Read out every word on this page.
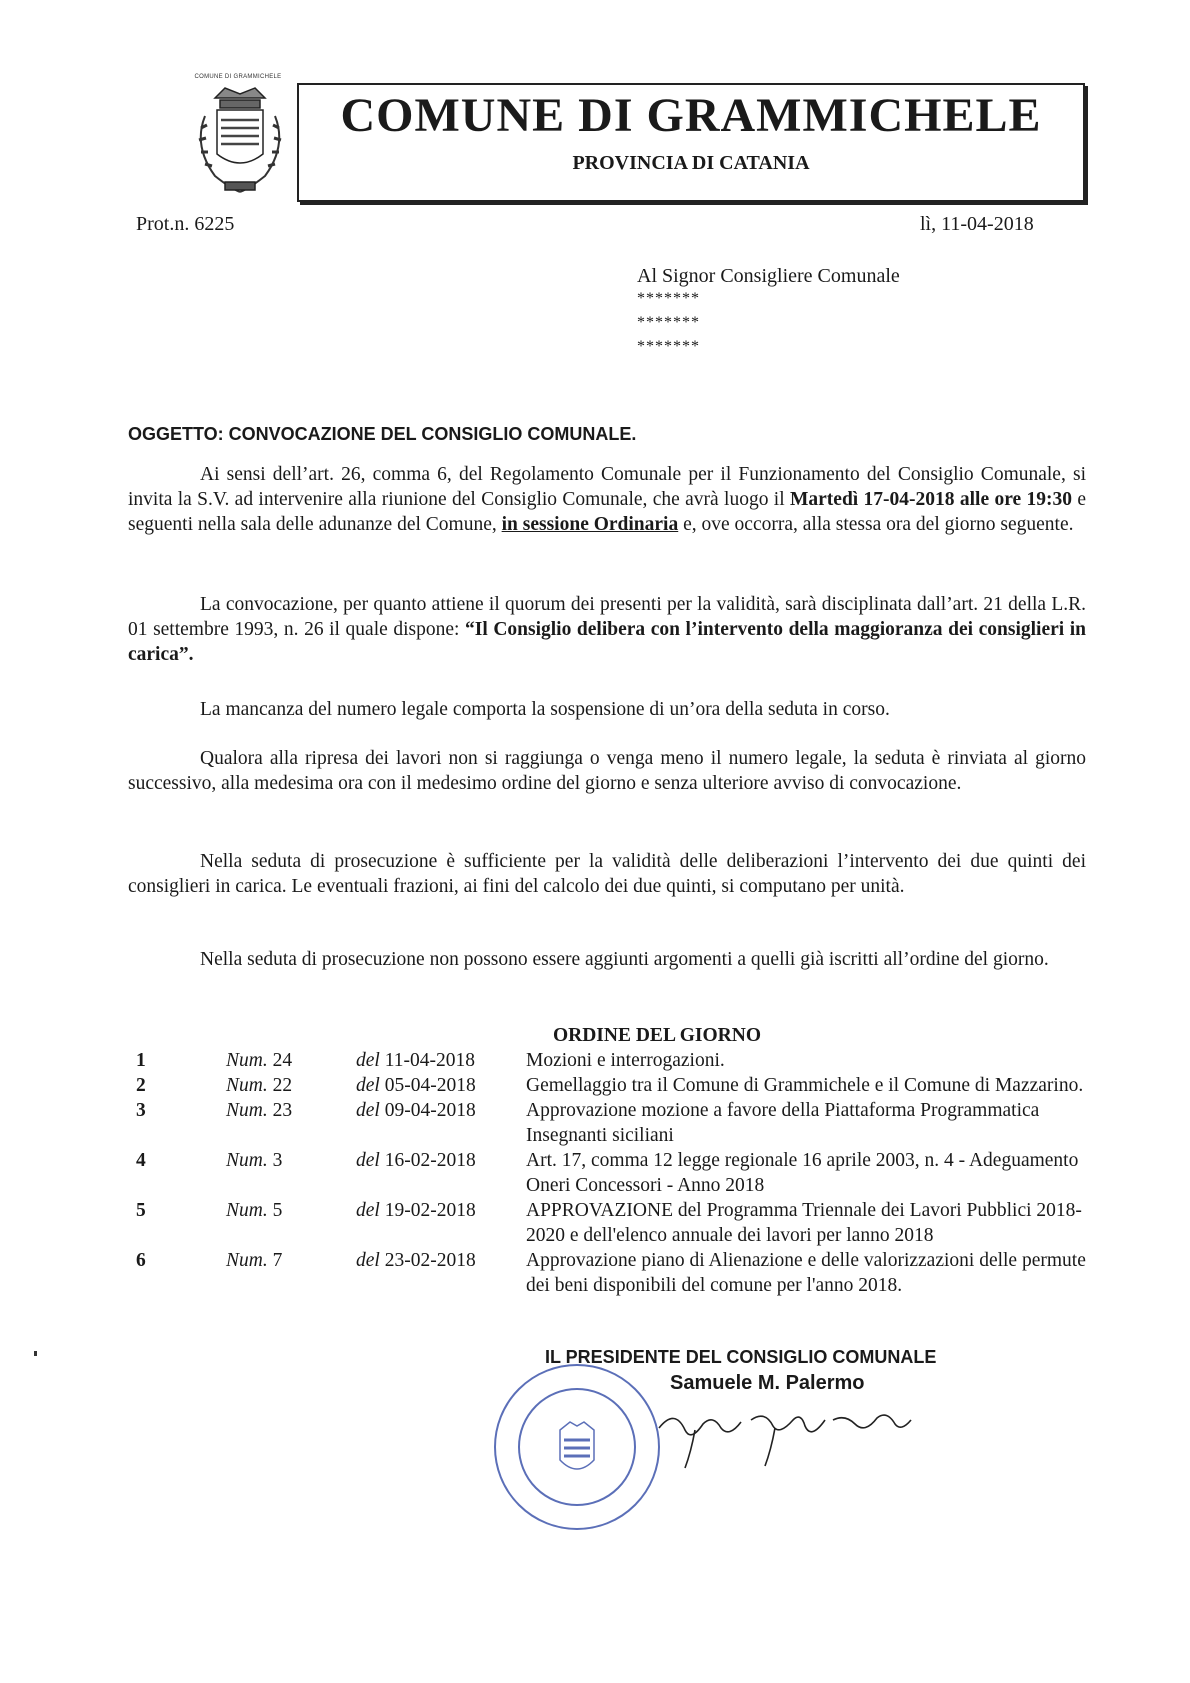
COMUNE DI GRAMMICHELE
COMUNE DI GRAMMICHELE
PROVINCIA DI CATANIA
Prot.n. 6225	lì, 11-04-2018
Al Signor Consigliere Comunale
*******
*******
*******
OGGETTO: CONVOCAZIONE DEL CONSIGLIO COMUNALE.
Ai sensi dell’art. 26, comma 6, del Regolamento Comunale per il Funzionamento del Consiglio Comunale, si invita la S.V. ad intervenire alla riunione del Consiglio Comunale, che avrà luogo il Martedì 17-04-2018 alle ore 19:30 e seguenti nella sala delle adunanze del Comune, in sessione Ordinaria e, ove occorra, alla stessa ora del giorno seguente.
La convocazione, per quanto attiene il quorum dei presenti per la validità, sarà disciplinata dall’art. 21 della L.R. 01 settembre 1993, n. 26 il quale dispone: “Il Consiglio delibera con l’intervento della maggioranza dei consiglieri in carica”.
La mancanza del numero legale comporta la sospensione di un’ora della seduta in corso.
Qualora alla ripresa dei lavori non si raggiunga o venga meno il numero legale, la seduta è rinviata al giorno successivo, alla medesima ora con il medesimo ordine del giorno e senza ulteriore avviso di convocazione.
Nella seduta di prosecuzione è sufficiente per la validità delle deliberazioni l’intervento dei due quinti dei consiglieri in carica. Le eventuali frazioni, ai fini del calcolo dei due quinti, si computano per unità.
Nella seduta di prosecuzione non possono essere aggiunti argomenti a quelli già iscritti all’ordine del giorno.
ORDINE DEL GIORNO
1	Num. 24	del 11-04-2018	Mozioni e interrogazioni.
2	Num. 22	del 05-04-2018	Gemellaggio tra il Comune di Grammichele e il Comune di Mazzarino.
3	Num. 23	del 09-04-2018	Approvazione mozione a favore della Piattaforma Programmatica Insegnanti siciliani
4	Num. 3	del 16-02-2018	Art. 17, comma 12 legge regionale 16 aprile 2003, n. 4 - Adeguamento Oneri Concessori - Anno 2018
5	Num. 5	del 19-02-2018	APPROVAZIONE del Programma Triennale dei Lavori Pubblici 2018-2020 e dell'elenco annuale dei lavori per lanno 2018
6	Num. 7	del 23-02-2018	Approvazione piano di Alienazione e delle valorizzazioni delle permute dei beni disponibili del comune per l'anno 2018.
IL PRESIDENTE DEL CONSIGLIO COMUNALE
Samuele M. Palermo
